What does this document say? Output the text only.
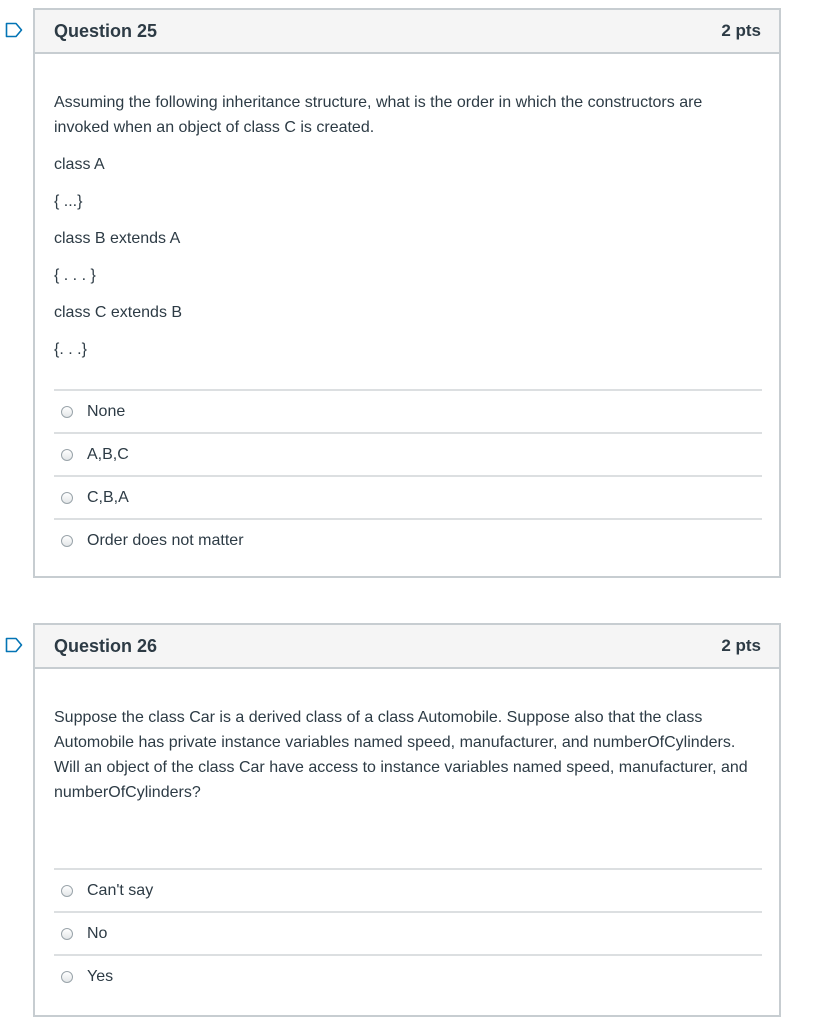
Question 25	2 pts

Assuming the following inheritance structure, what is the order in which the constructors are invoked when an object of class C is created.

class A

{ ...}

class B extends A

{ . . . }

class C extends B

{. . .}

None
A,B,C
C,B,A
Order does not matter
Question 26	2 pts

Suppose the class Car is a derived class of a class Automobile. Suppose also that the class Automobile has private instance variables named speed, manufacturer, and numberOfCylinders. Will an object of the class Car have access to instance variables named speed, manufacturer, and numberOfCylinders?

Can't say
No
Yes
